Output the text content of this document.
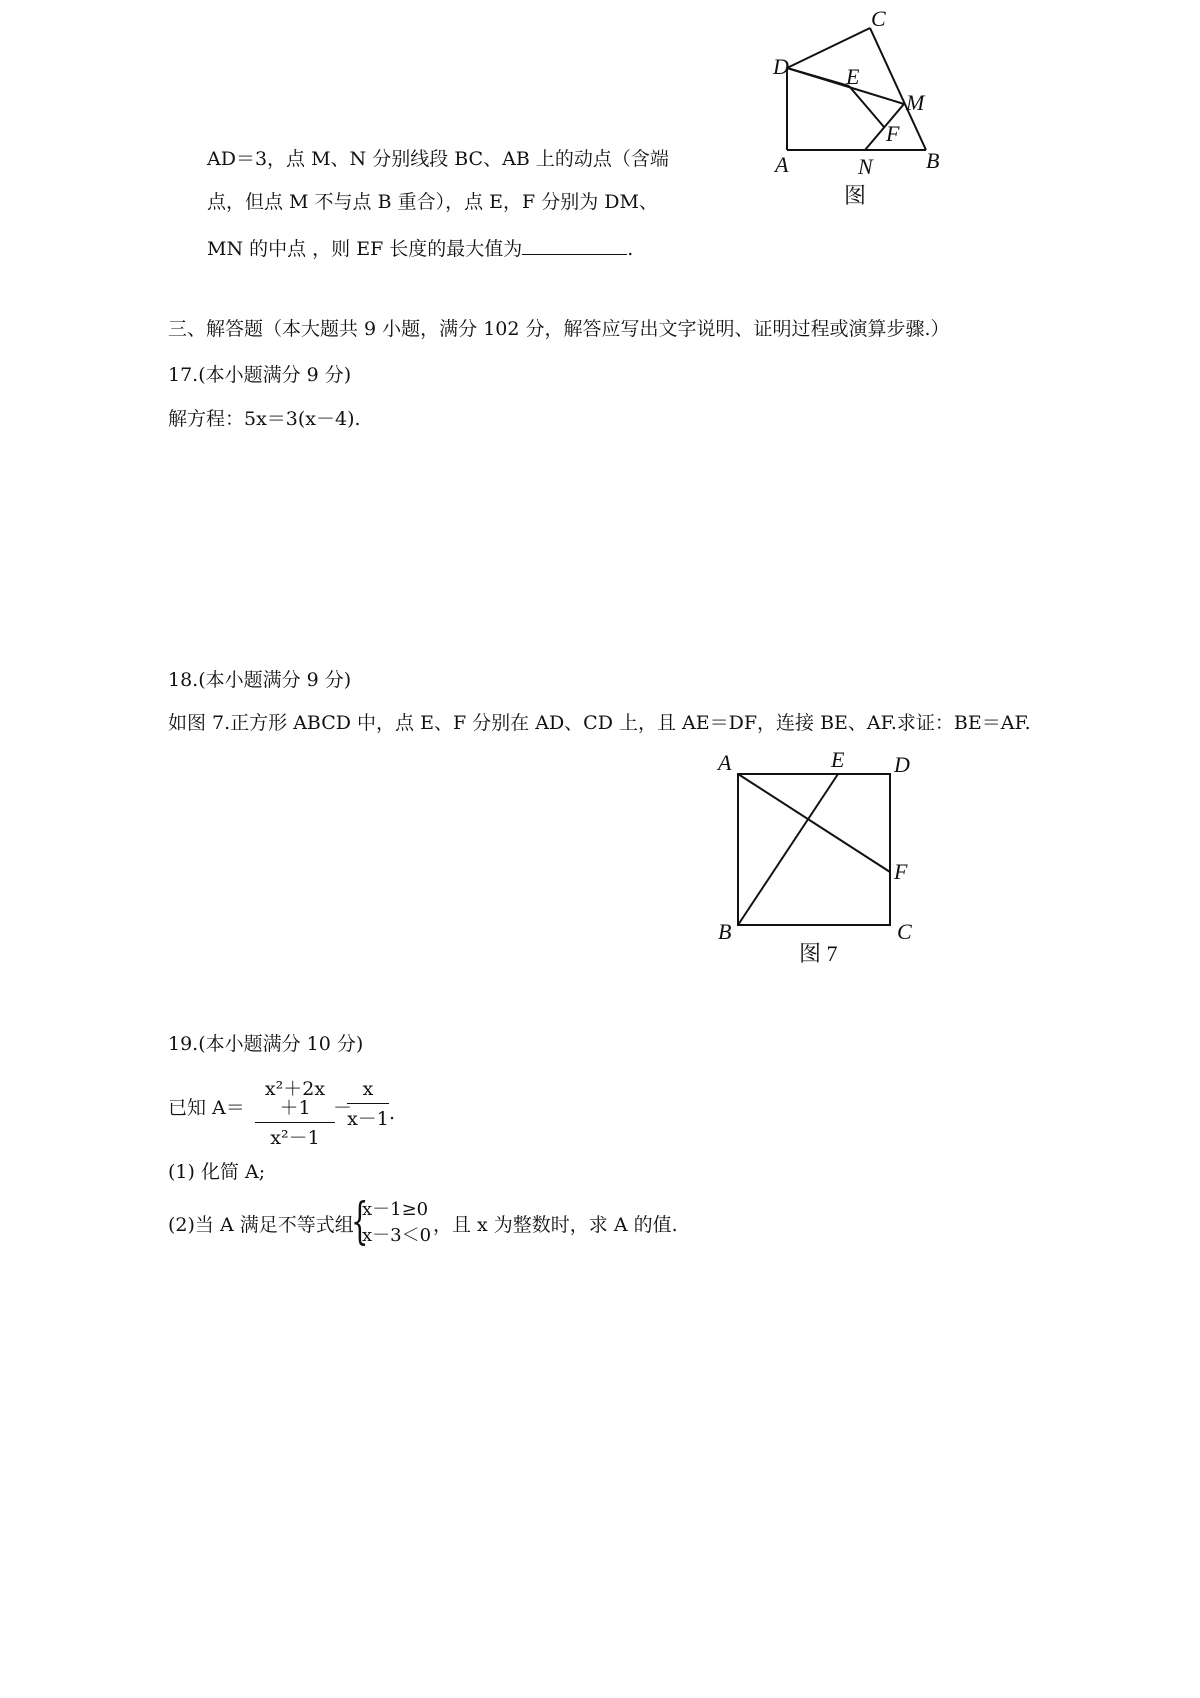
AD＝3，点 M、N 分别线段 BC、AB 上的动点（含端
点，但点 M 不与点 B 重合），点 E，F 分别为 DM、
MN 的中点 ，则 EF 长度的最大值为	.
C
D	E
M
F
A	N B
图
三、解答题（本大题共 9 小题，满分 102 分，解答应写出文字说明、证明过程或演算步骤.）
17.(本小题满分 9 分)
解方程：5x＝3(x－4).
18.(本小题满分 9 分)
如图 7.正方形 ABCD 中，点 E、F 分别在 AD、CD 上，且 AE＝DF，连接 BE、AF.求证：BE＝AF.
A	E D
F
B	C
图 7
19.(本小题满分 10 分)
已知 A＝
x²＋2x＋1
x²－1
－
x
x－1 .
(1) 化简 A;
(2)当 A 满足不等式组
{
x－1≥0
x－3＜0 ，且 x 为整数时，求 A 的值.
